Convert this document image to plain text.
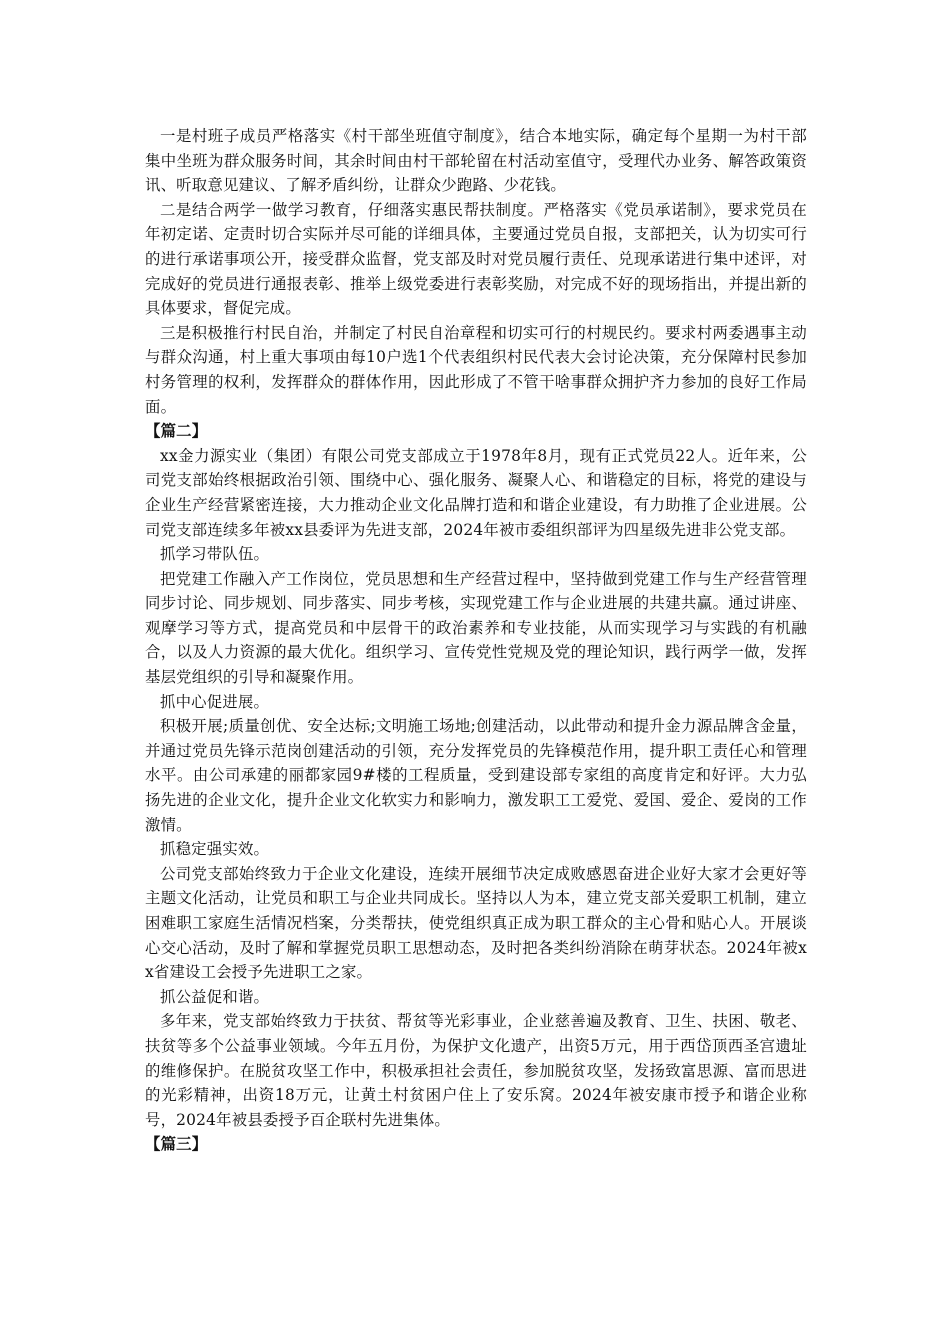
一是村班子成员严格落实《村干部坐班值守制度》，结合本地实际，确定每个星期一为村干部集中坐班为群众服务时间，其余时间由村干部轮留在村活动室值守，受理代办业务、解答政策资讯、听取意见建议、了解矛盾纠纷，让群众少跑路、少花钱。

二是结合两学一做学习教育，仔细落实惠民帮扶制度。严格落实《党员承诺制》，要求党员在年初定诺、定责时切合实际并尽可能的详细具体，主要通过党员自报，支部把关，认为切实可行的进行承诺事项公开，接受群众监督，党支部及时对党员履行责任、兑现承诺进行集中述评，对完成好的党员进行通报表彰、推举上级党委进行表彰奖励，对完成不好的现场指出，并提出新的具体要求，督促完成。

三是积极推行村民自治，并制定了村民自治章程和切实可行的村规民约。要求村两委遇事主动与群众沟通，村上重大事项由每10户选1个代表组织村民代表大会讨论决策，充分保障村民参加村务管理的权利，发挥群众的群体作用，因此形成了不管干啥事群众拥护齐力参加的良好工作局面。

【篇二】

xx金力源实业（集团）有限公司党支部成立于1978年8月，现有正式党员22人。近年来，公司党支部始终根据政治引领、围绕中心、强化服务、凝聚人心、和谐稳定的目标，将党的建设与企业生产经营紧密连接，大力推动企业文化品牌打造和和谐企业建设，有力助推了企业进展。公司党支部连续多年被xx县委评为先进支部，2024年被市委组织部评为四星级先进非公党支部。

抓学习带队伍。

把党建工作融入产工作岗位，党员思想和生产经营过程中，坚持做到党建工作与生产经营管理同步讨论、同步规划、同步落实、同步考核，实现党建工作与企业进展的共建共赢。通过讲座、观摩学习等方式，提高党员和中层骨干的政治素养和专业技能，从而实现学习与实践的有机融合，以及人力资源的最大优化。组织学习、宣传党性党规及党的理论知识，践行两学一做，发挥基层党组织的引导和凝聚作用。

抓中心促进展。

积极开展;质量创优、安全达标;文明施工场地;创建活动，以此带动和提升金力源品牌含金量，并通过党员先锋示范岗创建活动的引领，充分发挥党员的先锋模范作用，提升职工责任心和管理水平。由公司承建的丽都家园9#楼的工程质量，受到建设部专家组的高度肯定和好评。大力弘扬先进的企业文化，提升企业文化软实力和影响力，激发职工工爱党、爱国、爱企、爱岗的工作激情。

抓稳定强实效。

公司党支部始终致力于企业文化建设，连续开展细节决定成败感恩奋进企业好大家才会更好等主题文化活动，让党员和职工与企业共同成长。坚持以人为本，建立党支部关爱职工机制，建立困难职工家庭生活情况档案，分类帮扶，使党组织真正成为职工群众的主心骨和贴心人。开展谈心交心活动，及时了解和掌握党员职工思想动态，及时把各类纠纷消除在萌芽状态。2024年被xx省建设工会授予先进职工之家。

抓公益促和谐。

多年来，党支部始终致力于扶贫、帮贫等光彩事业，企业慈善遍及教育、卫生、扶困、敬老、扶贫等多个公益事业领域。今年五月份，为保护文化遗产，出资5万元，用于西岱顶西圣宫遗址的维修保护。在脱贫攻坚工作中，积极承担社会责任，参加脱贫攻坚，发扬致富思源、富而思进的光彩精神，出资18万元，让黄土村贫困户住上了安乐窝。2024年被安康市授予和谐企业称号，2024年被县委授予百企联村先进集体。

【篇三】
